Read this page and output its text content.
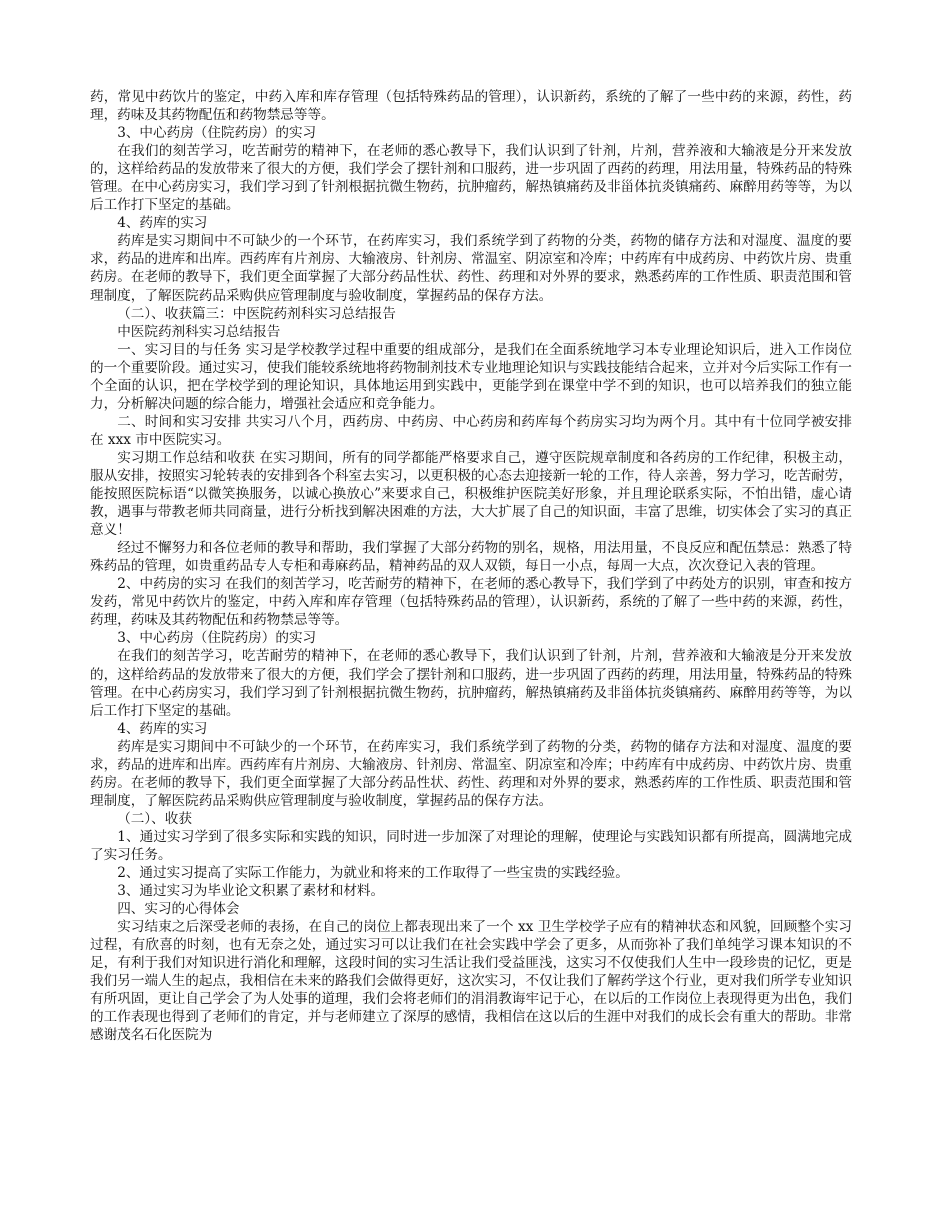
药，常见中药饮片的鉴定，中药入库和库存管理（包括特殊药品的管理），认识新药，系统的了解了一些中药的来源，药性，药理，药味及其药物配伍和药物禁忌等等。

3、中心药房（住院药房）的实习

在我们的刻苦学习，吃苦耐劳的精神下，在老师的悉心教导下，我们认识到了针剂，片剂，营养液和大输液是分开来发放的，这样给药品的发放带来了很大的方便，我们学会了摆针剂和口服药，进一步巩固了西药的药理，用法用量，特殊药品的特殊管理。在中心药房实习，我们学习到了针剂根据抗微生物药，抗肿瘤药，解热镇痛药及非甾体抗炎镇痛药、麻醉用药等等，为以后工作打下坚定的基础。

4、药库的实习

药库是实习期间中不可缺少的一个环节，在药库实习，我们系统学到了药物的分类，药物的储存方法和对湿度、温度的要求，药品的进库和出库。西药库有片剂房、大输液房、针剂房、常温室、阴凉室和冷库；中药库有中成药房、中药饮片房、贵重药房。在老师的教导下，我们更全面掌握了大部分药品性状、药性、药理和对外界的要求，熟悉药库的工作性质、职责范围和管理制度，了解医院药品采购供应管理制度与验收制度，掌握药品的保存方法。

（二）、收获篇三：中医院药剂科实习总结报告

中医院药剂科实习总结报告

一、实习目的与任务 实习是学校教学过程中重要的组成部分，是我们在全面系统地学习本专业理论知识后，进入工作岗位的一个重要阶段。通过实习，使我们能较系统地将药物制剂技术专业地理论知识与实践技能结合起来，立并对今后实际工作有一个全面的认识，把在学校学到的理论知识，具体地运用到实践中，更能学到在课堂中学不到的知识，也可以培养我们的独立能力，分析解决问题的综合能力，增强社会适应和竞争能力。

二、时间和实习安排 共实习八个月，西药房、中药房、中心药房和药库每个药房实习均为两个月。其中有十位同学被安排在 xxx 市中医院实习。

实习期工作总结和收获 在实习期间，所有的同学都能严格要求自己，遵守医院规章制度和各药房的工作纪律，积极主动，服从安排，按照实习轮转表的安排到各个科室去实习，以更积极的心态去迎接新一轮的工作，待人亲善，努力学习，吃苦耐劳，能按照医院标语“以微笑换服务，以诚心换放心”来要求自己，积极维护医院美好形象，并且理论联系实际，不怕出错，虚心请教，遇事与带教老师共同商量，进行分析找到解决困难的方法，大大扩展了自己的知识面，丰富了思维，切实体会了实习的真正意义！

经过不懈努力和各位老师的教导和帮助，我们掌握了大部分药物的别名，规格，用法用量，不良反应和配伍禁忌：熟悉了特殊药品的管理，如贵重药品专人专柜和毒麻药品，精神药品的双人双锁，每日一小点，每周一大点，次次登记入表的管理。

2、中药房的实习 在我们的刻苦学习，吃苦耐劳的精神下，在老师的悉心教导下，我们学到了中药处方的识别，审查和按方发药，常见中药饮片的鉴定，中药入库和库存管理（包括特殊药品的管理），认识新药，系统的了解了一些中药的来源，药性，药理，药味及其药物配伍和药物禁忌等等。

3、中心药房（住院药房）的实习

在我们的刻苦学习，吃苦耐劳的精神下，在老师的悉心教导下，我们认识到了针剂，片剂，营养液和大输液是分开来发放的，这样给药品的发放带来了很大的方便，我们学会了摆针剂和口服药，进一步巩固了西药的药理，用法用量，特殊药品的特殊管理。在中心药房实习，我们学习到了针剂根据抗微生物药，抗肿瘤药，解热镇痛药及非甾体抗炎镇痛药、麻醉用药等等，为以后工作打下坚定的基础。

4、药库的实习

药库是实习期间中不可缺少的一个环节，在药库实习，我们系统学到了药物的分类，药物的储存方法和对湿度、温度的要求，药品的进库和出库。西药库有片剂房、大输液房、针剂房、常温室、阴凉室和冷库；中药库有中成药房、中药饮片房、贵重药房。在老师的教导下，我们更全面掌握了大部分药品性状、药性、药理和对外界的要求，熟悉药库的工作性质、职责范围和管理制度，了解医院药品采购供应管理制度与验收制度，掌握药品的保存方法。

（二）、收获

1、通过实习学到了很多实际和实践的知识，同时进一步加深了对理论的理解，使理论与实践知识都有所提高，圆满地完成了实习任务。

2、通过实习提高了实际工作能力，为就业和将来的工作取得了一些宝贵的实践经验。

3、通过实习为毕业论文积累了素材和材料。

四、实习的心得体会

实习结束之后深受老师的表扬，在自己的岗位上都表现出来了一个 xx 卫生学校学子应有的精神状态和风貌，回顾整个实习过程，有欣喜的时刻，也有无奈之处，通过实习可以让我们在社会实践中学会了更多，从而弥补了我们单纯学习课本知识的不足，有利于我们对知识进行消化和理解，这段时间的实习生活让我们受益匪浅，这实习不仅使我们人生中一段珍贵的记忆，更是我们另一端人生的起点，我相信在未来的路我们会做得更好，这次实习，不仅让我们了解药学这个行业，更对我们所学专业知识有所巩固，更让自己学会了为人处事的道理，我们会将老师们的涓涓教诲牢记于心，在以后的工作岗位上表现得更为出色，我们的工作表现也得到了老师们的肯定，并与老师建立了深厚的感情，我相信在这以后的生涯中对我们的成长会有重大的帮助。非常感谢茂名石化医院为
